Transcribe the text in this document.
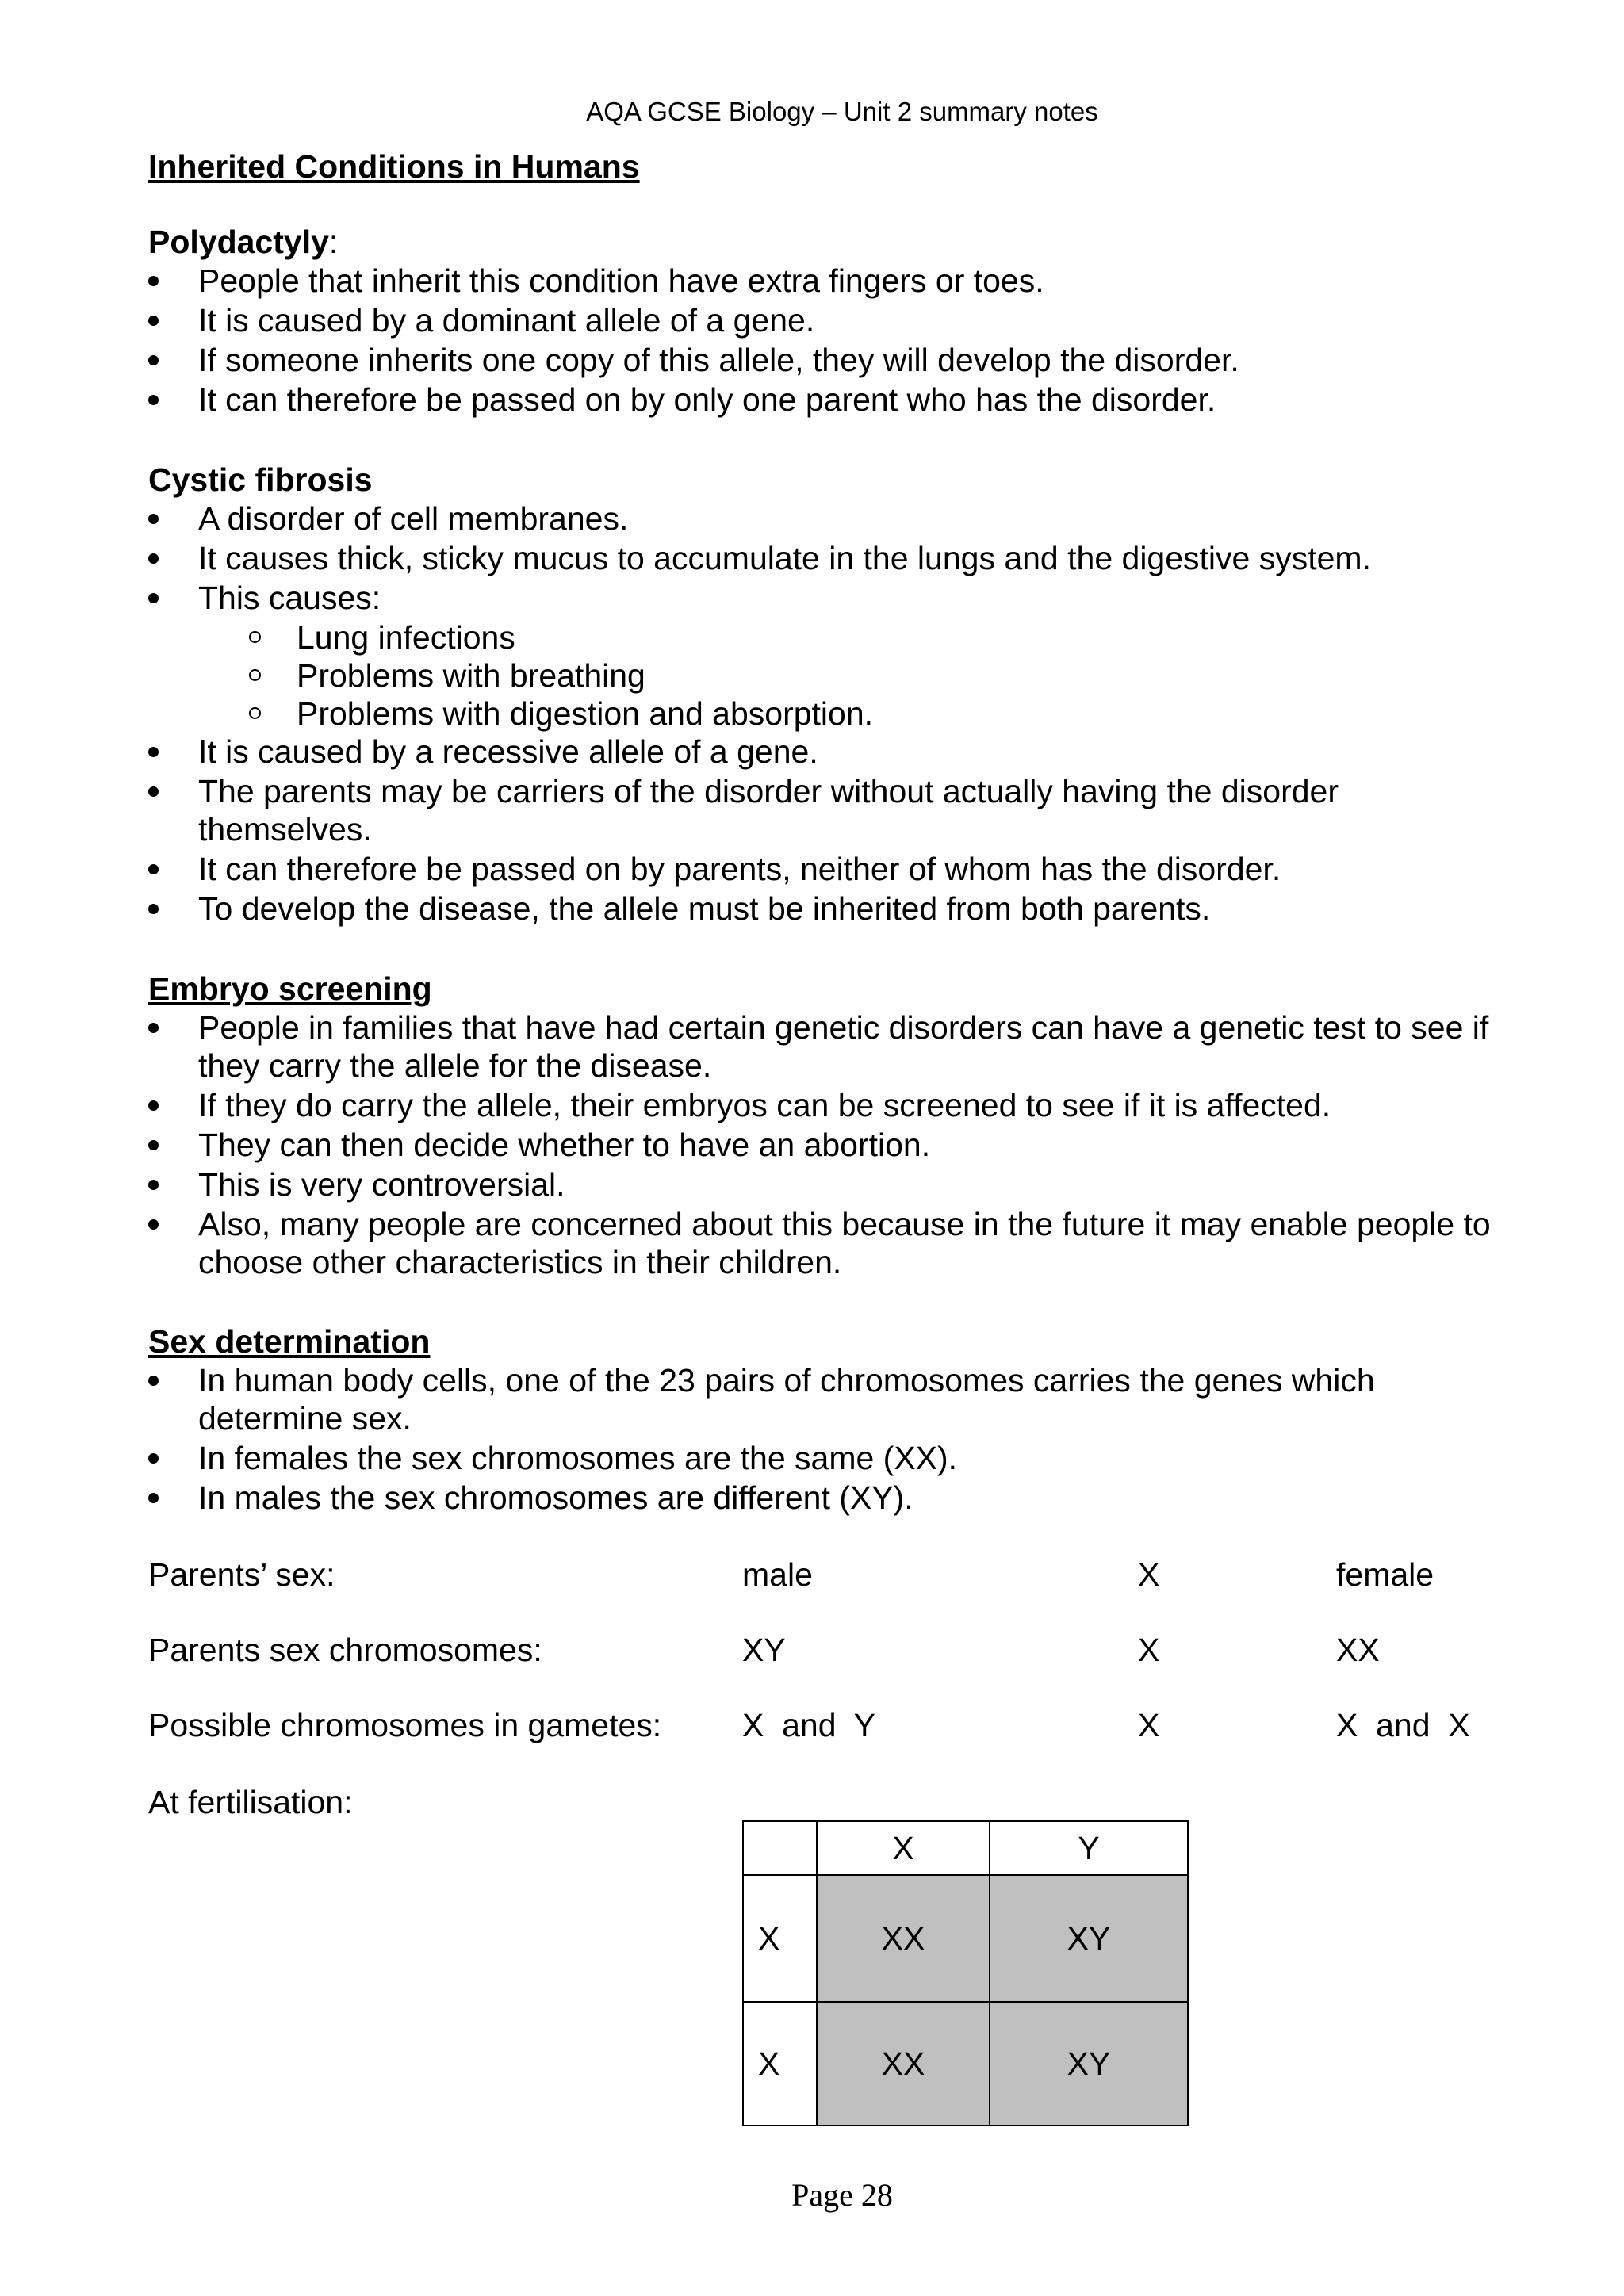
AQA GCSE Biology – Unit 2 summary notes

Inherited Conditions in Humans

Polydactyly:

People that inherit this condition have extra fingers or toes.
It is caused by a dominant allele of a gene.
If someone inherits one copy of this allele, they will develop the disorder.
It can therefore be passed on by only one parent who has the disorder.

Cystic fibrosis

A disorder of cell membranes.
It causes thick, sticky mucus to accumulate in the lungs and the digestive system.
This causes:
Lung infections
Problems with breathing
Problems with digestion and absorption.
It is caused by a recessive allele of a gene.
The parents may be carriers of the disorder without actually having the disorder themselves.
It can therefore be passed on by parents, neither of whom has the disorder.
To develop the disease, the allele must be inherited from both parents.

Embryo screening

People in families that have had certain genetic disorders can have a genetic test to see if they carry the allele for the disease.
If they do carry the allele, their embryos can be screened to see if it is affected.
They can then decide whether to have an abortion.
This is very controversial.
Also, many people are concerned about this because in the future it may enable people to choose other characteristics in their children.

Sex determination

In human body cells, one of the 23 pairs of chromosomes carries the genes which determine sex.
In females the sex chromosomes are the same (XX).
In males the sex chromosomes are different (XY).
Parents’ sex:	male	X	female
Parents sex chromosomes:	XY	X	XX
Possible chromosomes in gametes: X  and  Y	X	X  and  X
At fertilisation:
	X	Y
X	XX	XY
X	XX	XY
Page 28
